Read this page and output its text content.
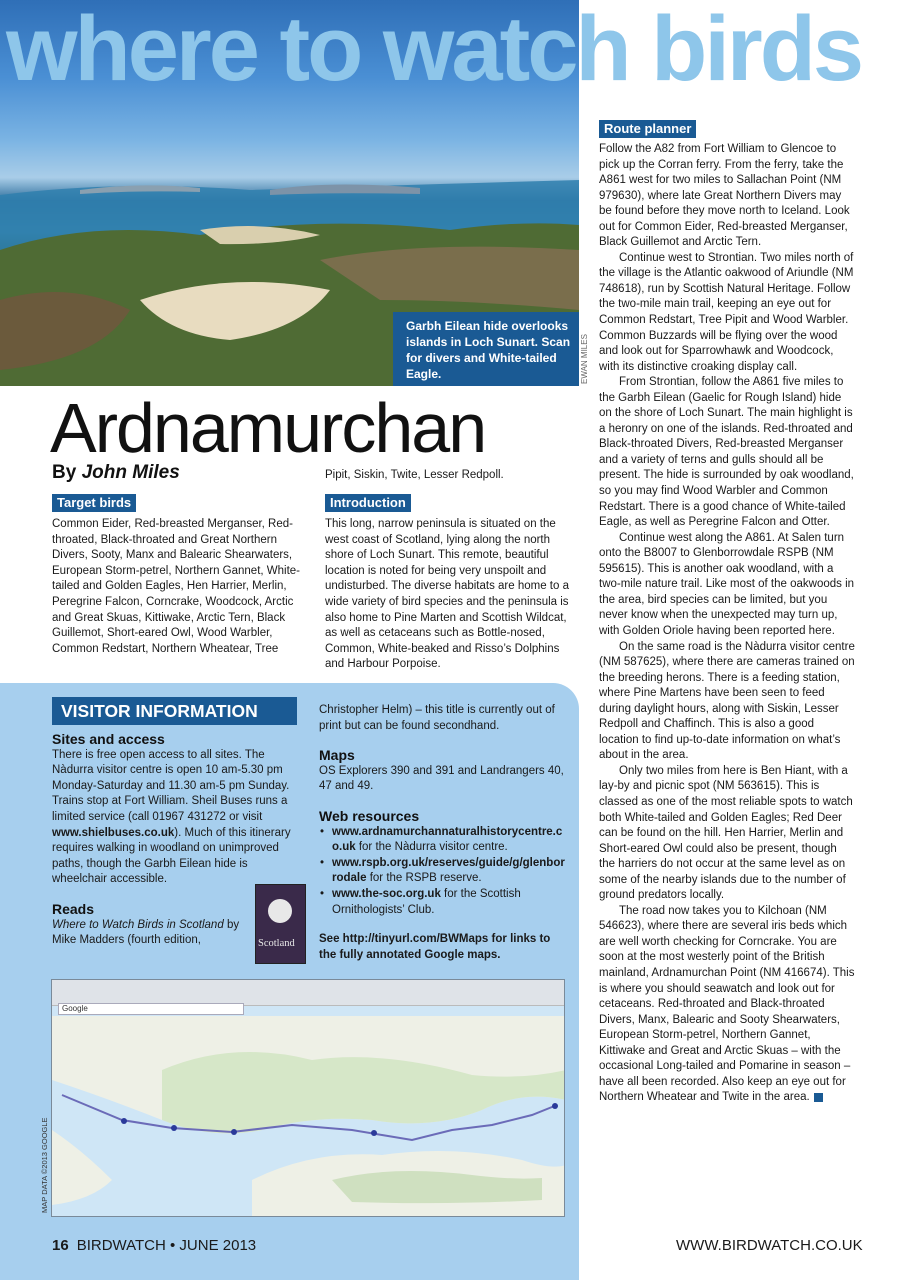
where to watch birds
Garbh Eilean hide overlooks islands in Loch Sunart. Scan for divers and White-tailed Eagle.	EWAN MILES
Ardnamurchan
By John Miles
Target birds

Common Eider, Red-breasted Merganser, Red-throated, Black-throated and Great Northern Divers, Sooty, Manx and Balearic Shearwaters, European Storm-petrel, Northern Gannet, White-tailed and Golden Eagles, Hen Harrier, Merlin, Peregrine Falcon, Corncrake, Woodcock, Arctic and Great Skuas, Kittiwake, Arctic Tern, Black Guillemot, Short-eared Owl, Wood Warbler, Common Redstart, Northern Wheatear, Tree

Pipit, Siskin, Twite, Lesser Redpoll.

Introduction

This long, narrow peninsula is situated on the west coast of Scotland, lying along the north shore of Loch Sunart. This remote, beautiful location is noted for being very unspoilt and undisturbed. The diverse habitats are home to a wide variety of bird species and the peninsula is also home to Pine Marten and Scottish Wildcat, as well as cetaceans such as Bottle-nosed, Common, White-beaked and Risso’s Dolphins and Harbour Porpoise.

Route planner

Follow the A82 from Fort William to Glencoe to pick up the Corran ferry. From the ferry, take the A861 west for two miles to Sallachan Point (NM 979630), where late Great Northern Divers may be found before they move north to Iceland. Look out for Common Eider, Red-breasted Merganser, Black Guillemot and Arctic Tern.

Continue west to Strontian. Two miles north of the village is the Atlantic oakwood of Ariundle (NM 748618), run by Scottish Natural Heritage. Follow the two-mile main trail, keeping an eye out for Common Redstart, Tree Pipit and Wood Warbler. Common Buzzards will be flying over the wood and look out for Sparrowhawk and Woodcock, with its distinctive croaking display call.

From Strontian, follow the A861 five miles to the Garbh Eilean (Gaelic for Rough Island) hide on the shore of Loch Sunart. The main highlight is a heronry on one of the islands. Red-throated and Black-throated Divers, Red-breasted Merganser and a variety of terns and gulls should all be present. The hide is surrounded by oak woodland, so you may find Wood Warbler and Common Redstart. There is a good chance of White-tailed Eagle, as well as Peregrine Falcon and Otter.

Continue west along the A861. At Salen turn onto the B8007 to Glenborrowdale RSPB (NM 595615). This is another oak woodland, with a two-mile nature trail. Like most of the oakwoods in the area, bird species can be limited, but you never know when the unexpected may turn up, with Golden Oriole having been reported here.

On the same road is the Nàdurra visitor centre (NM 587625), where there are cameras trained on the breeding herons. There is a feeding station, where Pine Martens have been seen to feed during daylight hours, along with Siskin, Lesser Redpoll and Chaffinch. This is also a good location to find up-to-date information on what’s about in the area.

Only two miles from here is Ben Hiant, with a lay-by and picnic spot (NM 563615). This is classed as one of the most reliable spots to watch both White-tailed and Golden Eagles; Red Deer can be found on the hill. Hen Harrier, Merlin and Short-eared Owl could also be present, though the harriers do not occur at the same level as on some of the nearby islands due to the number of ground predators locally.

The road now takes you to Kilchoan (NM 546623), where there are several iris beds which are well worth checking for Corncrake. You are soon at the most westerly point of the British mainland, Ardnamurchan Point (NM 416674). This is where you should seawatch and look out for cetaceans. Red-throated and Black-throated Divers, Manx, Balearic and Sooty Shearwaters, European Storm-petrel, Northern Gannet, Kittiwake and Great and Arctic Skuas – with the occasional Long-tailed and Pomarine in season – have all been recorded. Also keep an eye out for Northern Wheatear and Twite in the area.

VISITOR INFORMATION
Sites and access

There is free open access to all sites. The Nàdurra visitor centre is open 10 am-5.30 pm Monday-Saturday and 11.30 am-5 pm Sunday. Trains stop at Fort William. Sheil Buses runs a limited service (call 01967 431272 or visit www.shielbuses.co.uk). Much of this itinerary requires walking in woodland on unimproved paths, though the Garbh Eilean hide is wheelchair accessible.

Reads

Where to Watch Birds in Scotland by Mike Madders (fourth edition,	Scotland

Christopher Helm) – this title is currently out of print but can be found secondhand.

Maps

OS Explorers 390 and 391 and Landrangers 40, 47 and 49.

Web resources
• www.ardnamurchannaturalhistorycentre.co.uk for the Nàdurra visitor centre.
• www.rspb.org.uk/reserves/guide/g/glenborrodale for the RSPB reserve.
• www.the-soc.org.uk for the Scottish Ornithologists’ Club.

See http://tinyurl.com/BWMaps for links to the fully annotated Google maps.

Google
MAP DATA ©2013 GOOGLE
16 BIRDWATCH • JUNE 2013	WWW.BIRDWATCH.CO.UK
